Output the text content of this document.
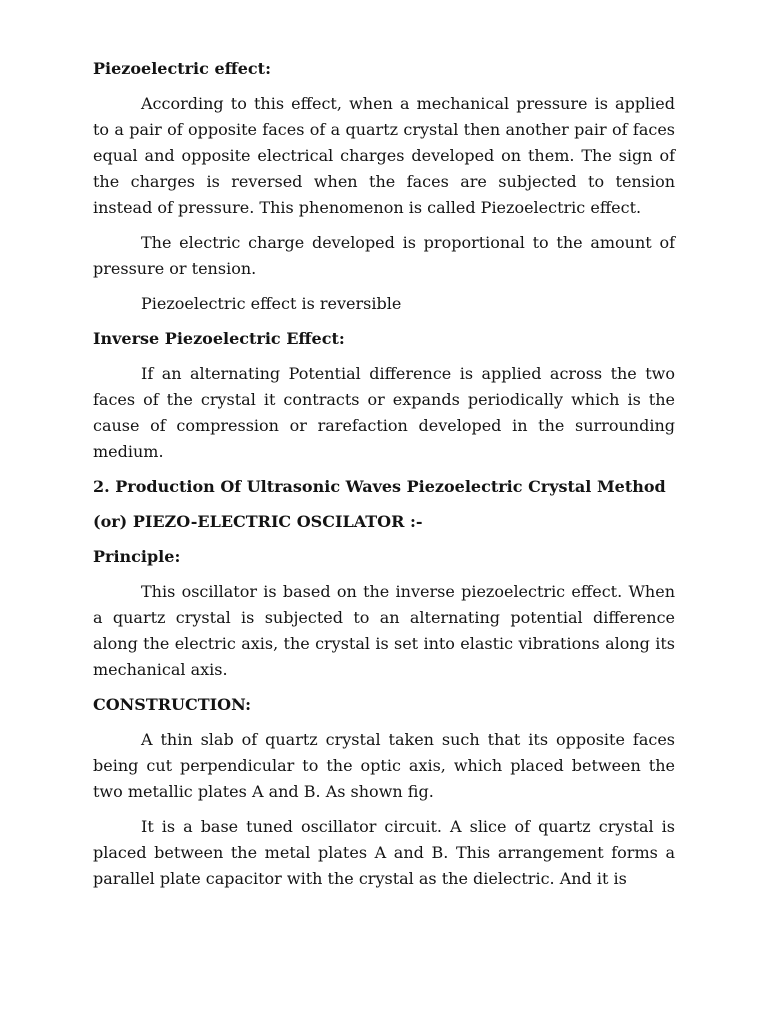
Piezoelectric effect:

According to this effect, when a mechanical pressure is applied to a pair of opposite faces of a quartz crystal then another pair of faces equal and opposite electrical charges developed on them. The sign of the charges is reversed when the faces are subjected to tension instead of pressure. This phenomenon is called Piezoelectric effect.

The electric charge developed is proportional to the amount of pressure or tension.

Piezoelectric effect is reversible

Inverse Piezoelectric Effect:

If an alternating Potential difference is applied across the two faces of the crystal it contracts or expands periodically which is the cause of compression or rarefaction developed in the surrounding medium.

2. Production Of Ultrasonic Waves Piezoelectric Crystal Method
(or) PIEZO-ELECTRIC OSCILATOR :-
Principle:

This oscillator is based on the inverse piezoelectric effect. When a quartz crystal is subjected to an alternating potential difference along the electric axis, the crystal is set into elastic vibrations along its mechanical axis.

CONSTRUCTION:

A thin slab of quartz crystal taken such that its opposite faces being cut perpendicular to the optic axis, which placed between the two metallic plates A and B. As shown fig.

It is a base tuned oscillator circuit. A slice of quartz crystal is placed between the metal plates A and B. This arrangement forms a parallel plate capacitor with the crystal as the dielectric. And it is
